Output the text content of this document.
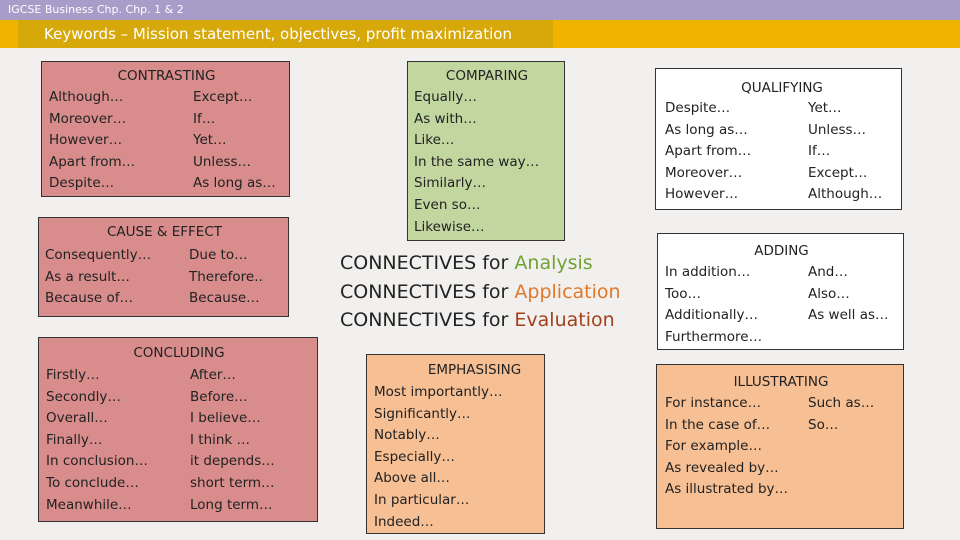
IGCSE Business Chp. Chp. 1 & 2
Keywords – Mission statement, objectives, profit maximization
CONTRASTING
Although…
Moreover…
However…
Apart from…
Despite…
Except…
If…
Yet…
Unless…
As long as…
CAUSE & EFFECT
Consequently…
As a result…
Because of…
Due to…
Therefore..
Because…
CONCLUDING
Firstly…
Secondly…
Overall…
Finally…
In conclusion…
To conclude…
Meanwhile…
After…
Before…
I believe…
I think …
it depends…
short term…
Long term…
COMPARING
Equally…
As with…
Like…
In the same way…
Similarly…
Even so…
Likewise…
CONNECTIVES for Analysis
CONNECTIVES for Application
CONNECTIVES for Evaluation
EMPHASISING
Most importantly…
Significantly…
Notably…
Especially…
Above all…
In particular…
Indeed…
QUALIFYING
Despite…
As long as…
Apart from…
Moreover…
However…
Yet…
Unless…
If…
Except…
Although…
ADDING
In addition…
Too…
Additionally…
Furthermore…
And…
Also…
As well as…
ILLUSTRATING
For instance…
In the case of…
For example…
As revealed by…
As illustrated by…
Such as…
So…
